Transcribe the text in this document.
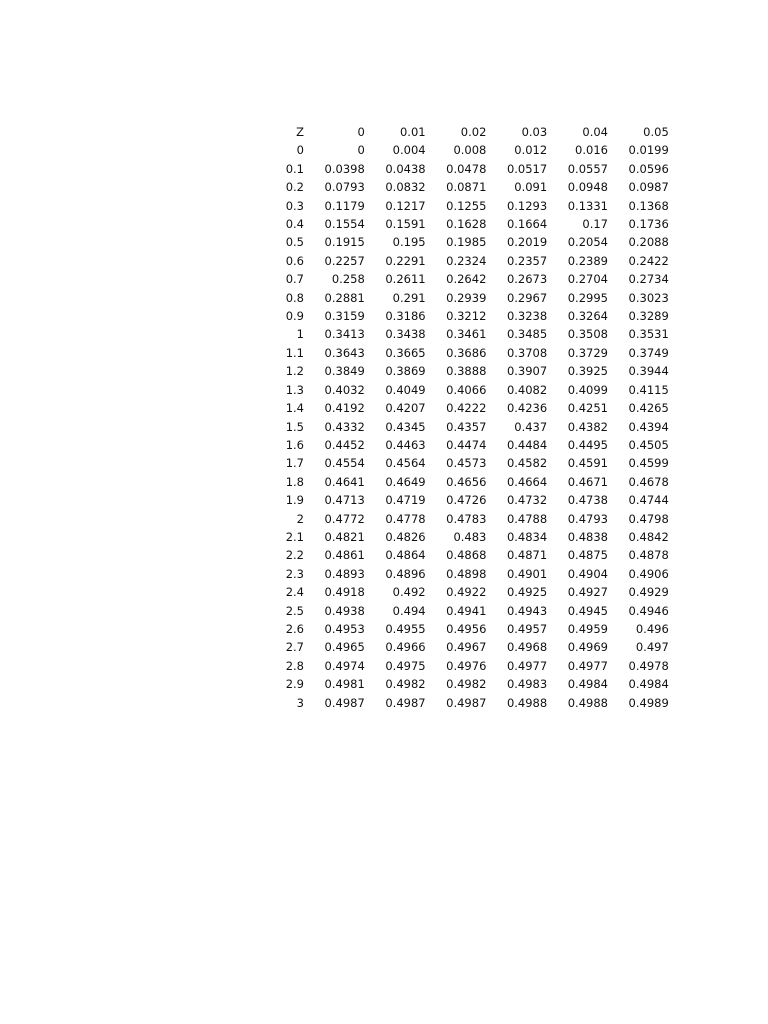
Z	0	0.01	0.02	0.03	0.04	0.05
0	0	0.004	0.008	0.012	0.016	0.0199
0.1	0.0398	0.0438	0.0478	0.0517	0.0557	0.0596
0.2	0.0793	0.0832	0.0871	0.091	0.0948	0.0987
0.3	0.1179	0.1217	0.1255	0.1293	0.1331	0.1368
0.4	0.1554	0.1591	0.1628	0.1664	0.17	0.1736
0.5	0.1915	0.195	0.1985	0.2019	0.2054	0.2088
0.6	0.2257	0.2291	0.2324	0.2357	0.2389	0.2422
0.7	0.258	0.2611	0.2642	0.2673	0.2704	0.2734
0.8	0.2881	0.291	0.2939	0.2967	0.2995	0.3023
0.9	0.3159	0.3186	0.3212	0.3238	0.3264	0.3289
1	0.3413	0.3438	0.3461	0.3485	0.3508	0.3531
1.1	0.3643	0.3665	0.3686	0.3708	0.3729	0.3749
1.2	0.3849	0.3869	0.3888	0.3907	0.3925	0.3944
1.3	0.4032	0.4049	0.4066	0.4082	0.4099	0.4115
1.4	0.4192	0.4207	0.4222	0.4236	0.4251	0.4265
1.5	0.4332	0.4345	0.4357	0.437	0.4382	0.4394
1.6	0.4452	0.4463	0.4474	0.4484	0.4495	0.4505
1.7	0.4554	0.4564	0.4573	0.4582	0.4591	0.4599
1.8	0.4641	0.4649	0.4656	0.4664	0.4671	0.4678
1.9	0.4713	0.4719	0.4726	0.4732	0.4738	0.4744
2	0.4772	0.4778	0.4783	0.4788	0.4793	0.4798
2.1	0.4821	0.4826	0.483	0.4834	0.4838	0.4842
2.2	0.4861	0.4864	0.4868	0.4871	0.4875	0.4878
2.3	0.4893	0.4896	0.4898	0.4901	0.4904	0.4906
2.4	0.4918	0.492	0.4922	0.4925	0.4927	0.4929
2.5	0.4938	0.494	0.4941	0.4943	0.4945	0.4946
2.6	0.4953	0.4955	0.4956	0.4957	0.4959	0.496
2.7	0.4965	0.4966	0.4967	0.4968	0.4969	0.497
2.8	0.4974	0.4975	0.4976	0.4977	0.4977	0.4978
2.9	0.4981	0.4982	0.4982	0.4983	0.4984	0.4984
3	0.4987	0.4987	0.4987	0.4988	0.4988	0.4989
